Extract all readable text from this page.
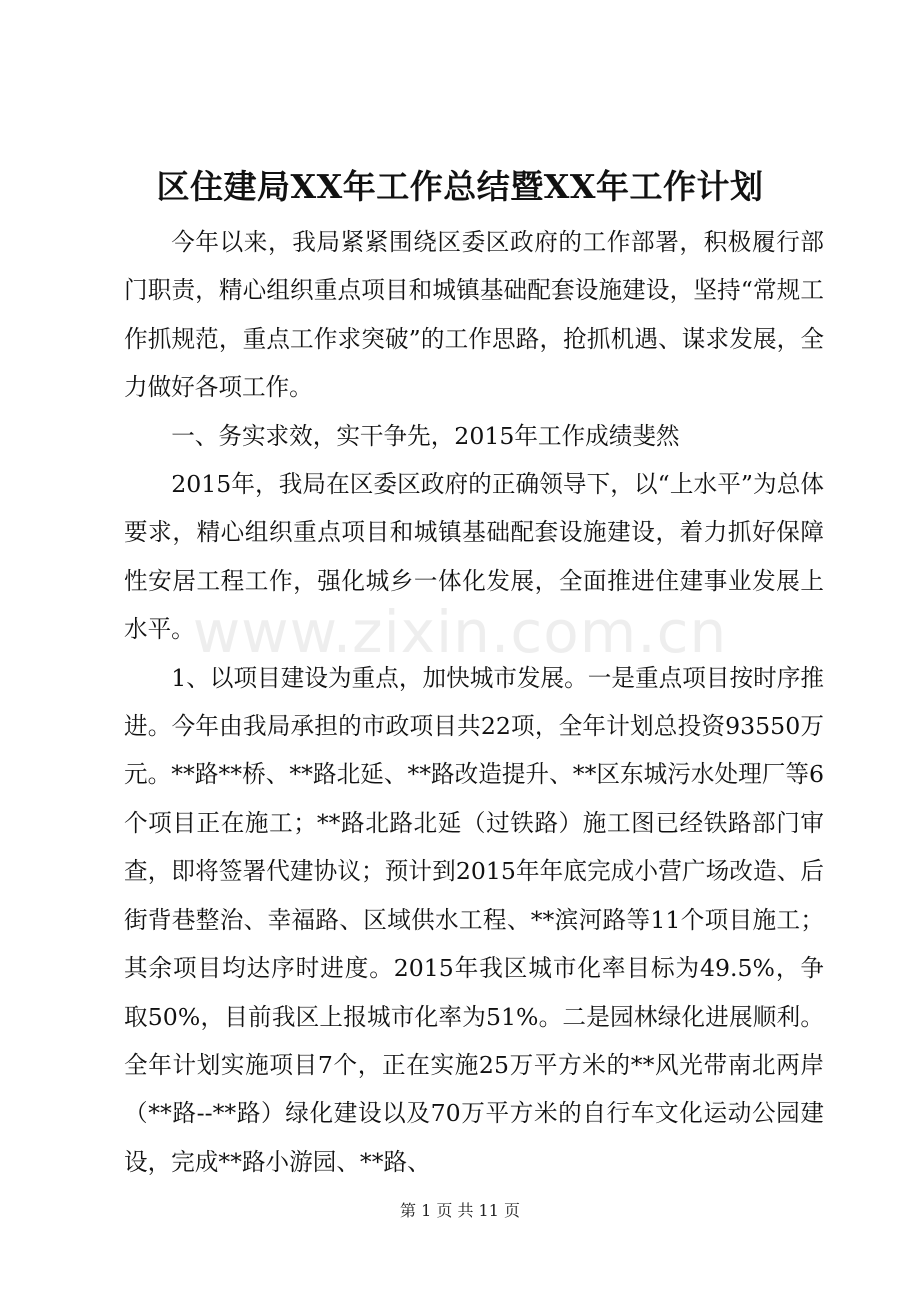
区住建局XX年工作总结暨XX年工作计划

今年以来，我局紧紧围绕区委区政府的工作部署，积极履行部门职责，精心组织重点项目和城镇基础配套设施建设，坚持“常规工作抓规范，重点工作求突破”的工作思路，抢抓机遇、谋求发展，全力做好各项工作。

一、务实求效，实干争先，2015年工作成绩斐然

2015年，我局在区委区政府的正确领导下，以“上水平”为总体要求，精心组织重点项目和城镇基础配套设施建设，着力抓好保障性安居工程工作，强化城乡一体化发展，全面推进住建事业发展上水平。

1、以项目建设为重点，加快城市发展。一是重点项目按时序推进。今年由我局承担的市政项目共22项，全年计划总投资93550万元。**路**桥、**路北延、**路改造提升、**区东城污水处理厂等6个项目正在施工；**路北路北延（过铁路）施工图已经铁路部门审查，即将签署代建协议；预计到2015年年底完成小营广场改造、后街背巷整治、幸福路、区域供水工程、**滨河路等11个项目施工；其余项目均达序时进度。2015年我区城市化率目标为49.5%，争取50%，目前我区上报城市化率为51%。二是园林绿化进展顺利。全年计划实施项目7个，正在实施25万平方米的**风光带南北两岸（**路--**路）绿化建设以及70万平方米的自行车文化运动公园建设，完成**路小游园、**路、

www.zixin.com.cn
第 1 页 共 11 页
